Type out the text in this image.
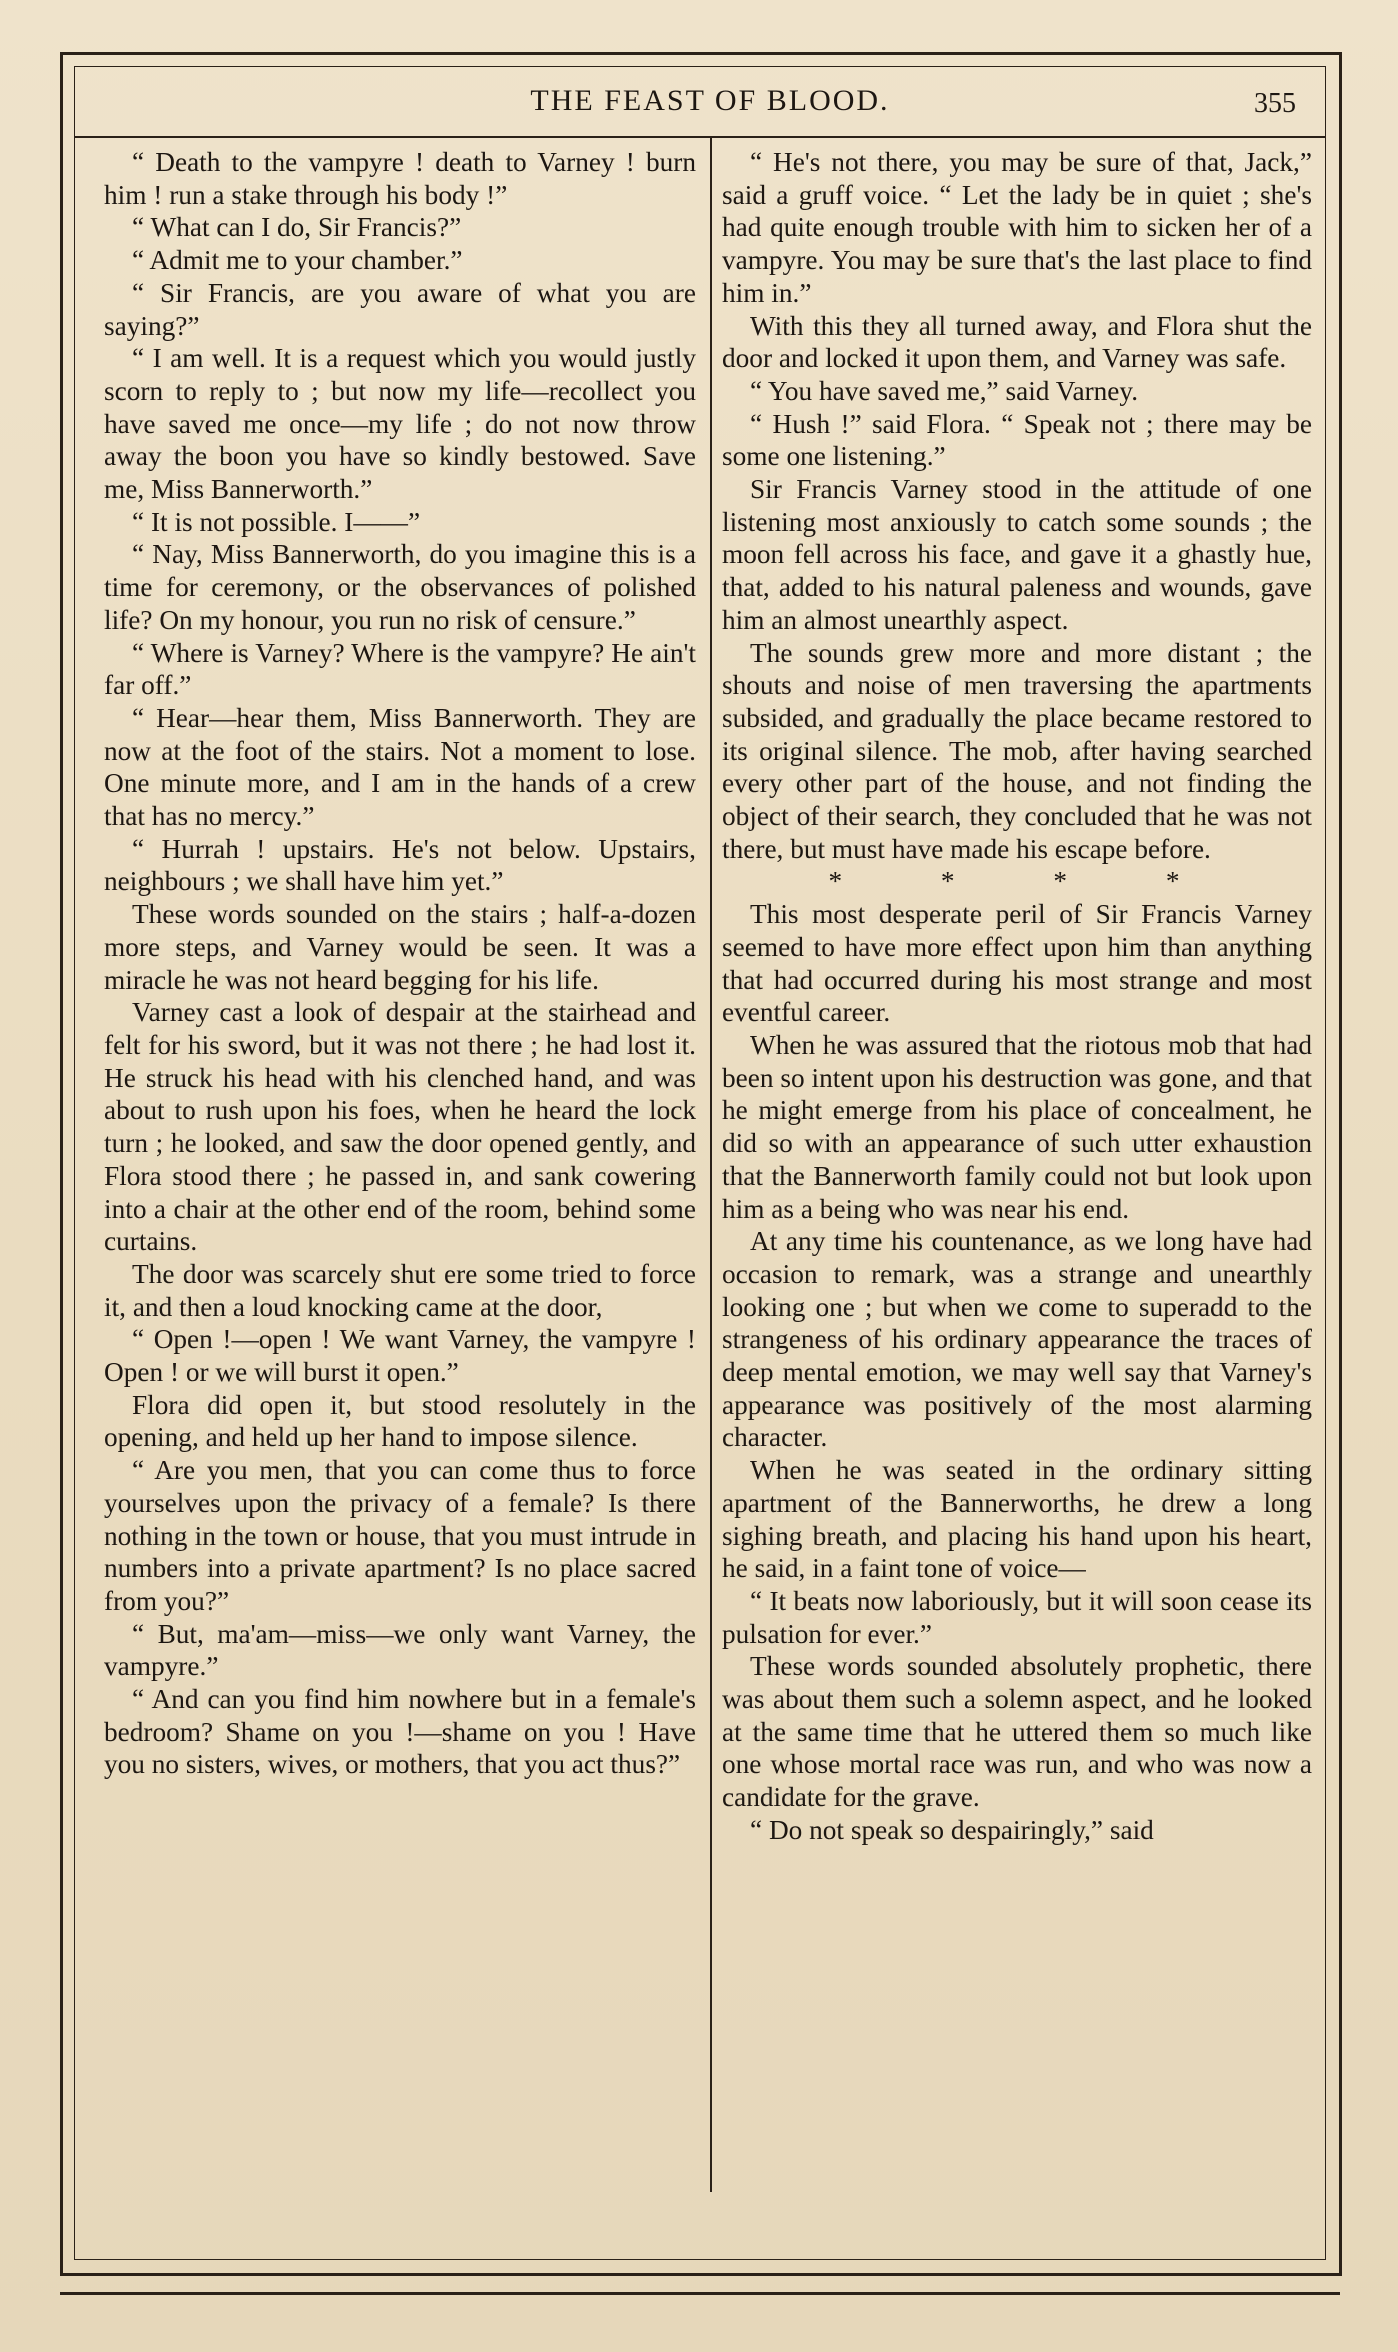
THE FEAST OF BLOOD.	355

“ Death to the vampyre ! death to Varney ! burn him ! run a stake through his body !”

“ What can I do, Sir Francis?”

“ Admit me to your chamber.”

“ Sir Francis, are you aware of what you are saying?”

“ I am well. It is a request which you would justly scorn to reply to ; but now my life—recollect you have saved me once—my life ; do not now throw away the boon you have so kindly bestowed. Save me, Miss Bannerworth.”

“ It is not possible. I——”

“ Nay, Miss Bannerworth, do you imagine this is a time for ceremony, or the observances of polished life? On my honour, you run no risk of censure.”

“ Where is Varney? Where is the vampyre? He ain't far off.”

“ Hear—hear them, Miss Bannerworth. They are now at the foot of the stairs. Not a moment to lose. One minute more, and I am in the hands of a crew that has no mercy.”

“ Hurrah ! upstairs. He's not below. Upstairs, neighbours ; we shall have him yet.”

These words sounded on the stairs ; half-a-dozen more steps, and Varney would be seen. It was a miracle he was not heard begging for his life.

Varney cast a look of despair at the stairhead and felt for his sword, but it was not there ; he had lost it. He struck his head with his clenched hand, and was about to rush upon his foes, when he heard the lock turn ; he looked, and saw the door opened gently, and Flora stood there ; he passed in, and sank cowering into a chair at the other end of the room, behind some curtains.

The door was scarcely shut ere some tried to force it, and then a loud knocking came at the door,

“ Open !—open ! We want Varney, the vampyre ! Open ! or we will burst it open.”

Flora did open it, but stood resolutely in the opening, and held up her hand to impose silence.

“ Are you men, that you can come thus to force yourselves upon the privacy of a female? Is there nothing in the town or house, that you must intrude in numbers into a private apartment? Is no place sacred from you?”

“ But, ma'am—miss—we only want Varney, the vampyre.”

“ And can you find him nowhere but in a female's bedroom? Shame on you !—shame on you ! Have you no sisters, wives, or mothers, that you act thus?”

“ He's not there, you may be sure of that, Jack,” said a gruff voice. “ Let the lady be in quiet ; she's had quite enough trouble with him to sicken her of a vampyre. You may be sure that's the last place to find him in.”

With this they all turned away, and Flora shut the door and locked it upon them, and Varney was safe.

“ You have saved me,” said Varney.

“ Hush !” said Flora. “ Speak not ; there may be some one listening.”

Sir Francis Varney stood in the attitude of one listening most anxiously to catch some sounds ; the moon fell across his face, and gave it a ghastly hue, that, added to his natural paleness and wounds, gave him an almost unearthly aspect.

The sounds grew more and more distant ; the shouts and noise of men traversing the apartments subsided, and gradually the place became restored to its original silence. The mob, after having searched every other part of the house, and not finding the object of their search, they concluded that he was not there, but must have made his escape before.

* * * *

This most desperate peril of Sir Francis Varney seemed to have more effect upon him than anything that had occurred during his most strange and most eventful career.

When he was assured that the riotous mob that had been so intent upon his destruction was gone, and that he might emerge from his place of concealment, he did so with an appearance of such utter exhaustion that the Bannerworth family could not but look upon him as a being who was near his end.

At any time his countenance, as we long have had occasion to remark, was a strange and unearthly looking one ; but when we come to superadd to the strangeness of his ordinary appearance the traces of deep mental emotion, we may well say that Varney's appearance was positively of the most alarming character.

When he was seated in the ordinary sitting apartment of the Bannerworths, he drew a long sighing breath, and placing his hand upon his heart, he said, in a faint tone of voice—

“ It beats now laboriously, but it will soon cease its pulsation for ever.”

These words sounded absolutely prophetic, there was about them such a solemn aspect, and he looked at the same time that he uttered them so much like one whose mortal race was run, and who was now a candidate for the grave.

“ Do not speak so despairingly,” said
